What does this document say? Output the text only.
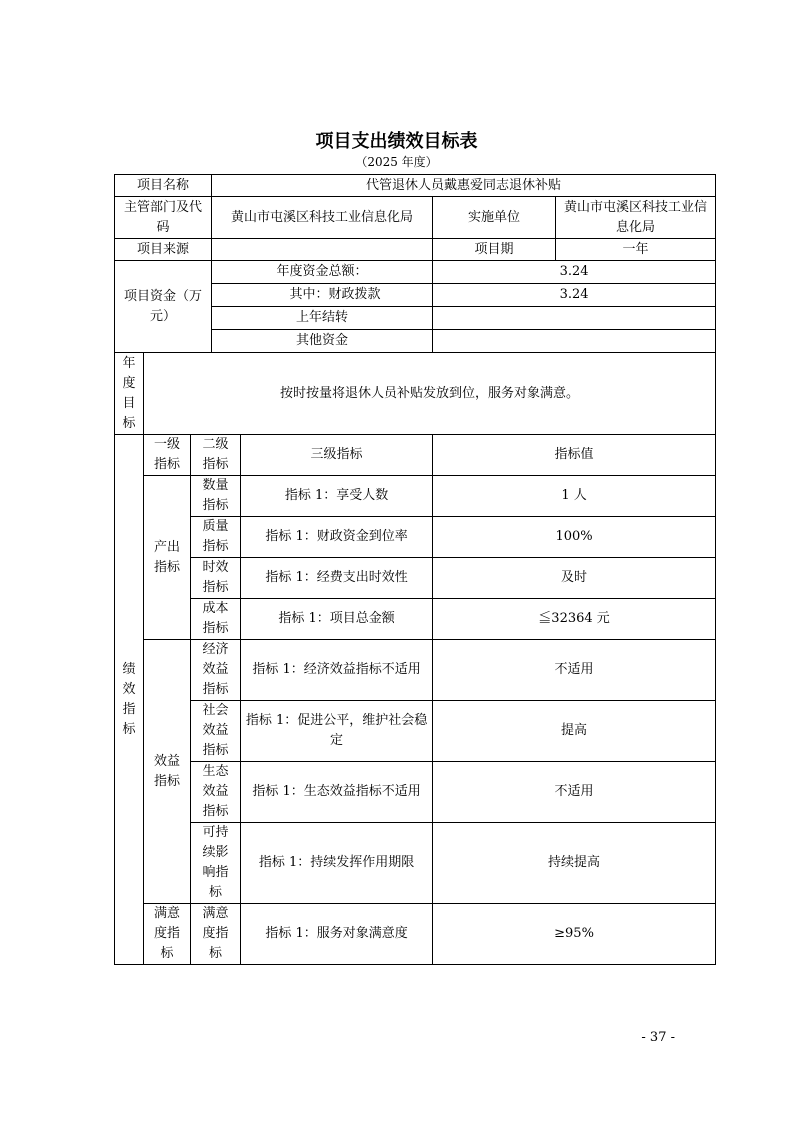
项目支出绩效目标表
（2025 年度）
项目名称			代管退休人员戴惠爱同志退休补贴			
主管部门及代码			黄山市屯溪区科技工业信息化局		实施单位	黄山市屯溪区科技工业信息化局
项目来源					项目期	一年
项目资金（万元）			年度资金总额：		3.24	
			其中：财政拨款		3.24	
			上年结转			
			其他资金			
年度目标	按时按量将退休人员补贴发放到位，服务对象满意。					
绩效指标	一级指标	二级指标		三级指标	指标值	
	产出指标	数量指标		指标 1：享受人数	1 人	
		质量指标		指标 1：财政资金到位率	100%	
		时效指标		指标 1：经费支出时效性	及时	
		成本指标		指标 1：项目总金额	≦32364 元	
	效益指标	经济效益指标		指标 1：经济效益指标不适用	不适用	
		社会效益指标		指标 1：促进公平，维护社会稳定	提高	
		生态效益指标		指标 1：生态效益指标不适用	不适用	
		可持续影响指标		指标 1：持续发挥作用期限	持续提高	
	满意度指标	满意度指标		指标 1：服务对象满意度	≥95%	
- 37 -
